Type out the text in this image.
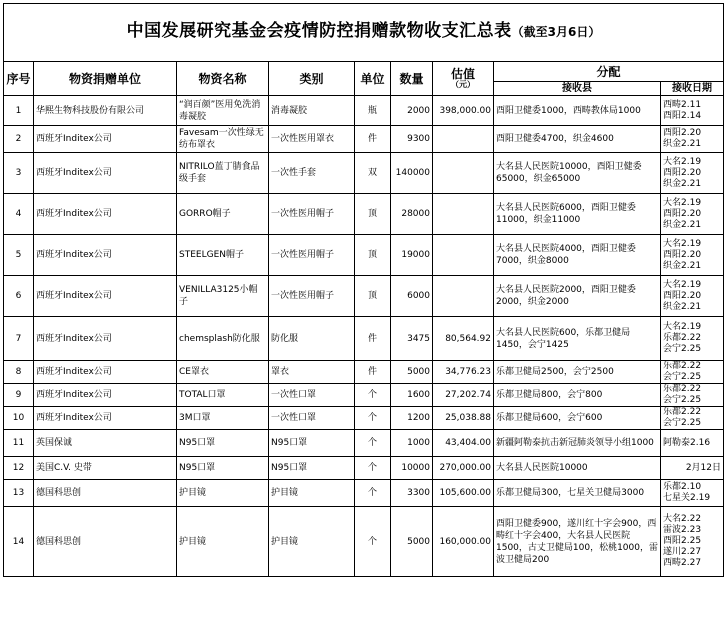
中国发展研究基金会疫情防控捐赠款物收支汇总表（截至3月6日）								
序号	物资捐赠单位	物资名称	类别	单位	数量	估值
（元）	分配	
							接收县	接收日期
1	华熙生物科技股份有限公司	“润百颜”医用免洗消毒凝胶	消毒凝胶	瓶	2000	398,000.00	酉阳卫健委1000，西畴教体局1000	西畴2.11
酉阳2.14

2	西班牙Inditex公司	Favesam一次性绿无纺布罩衣	一次性医用罩衣	件	9300		酉阳卫健委4700，织金4600	酉阳2.20
织金2.21

3	西班牙Inditex公司	NITRILO蓝丁腈食品级手套	一次性手套	双	140000		大名县人民医院10000，酉阳卫健委65000，织金65000	大名2.19
酉阳2.20
织金2.21

4	西班牙Inditex公司	GORRO帽子	一次性医用帽子	顶	28000		大名县人民医院6000，酉阳卫健委11000，织金11000	大名2.19
酉阳2.20
织金2.21

5	西班牙Inditex公司	STEELGEN帽子	一次性医用帽子	顶	19000		大名县人民医院4000，酉阳卫健委7000，织金8000	大名2.19
酉阳2.20
织金2.21

6	西班牙Inditex公司	VENILLA3125小帽子	一次性医用帽子	顶	6000		大名县人民医院2000，酉阳卫健委2000，织金2000	大名2.19
酉阳2.20
织金2.21

7	西班牙Inditex公司	chemsplash防化服	防化服	件	3475	80,564.92	大名县人民医院600，乐都卫健局1450，会宁1425	大名2.19
乐都2.22
会宁2.25

8	西班牙Inditex公司	CE罩衣	罩衣	件	5000	34,776.23	乐都卫健局2500，会宁2500	乐都2.22
会宁2.25

9	西班牙Inditex公司	TOTAL口罩	一次性口罩	个	1600	27,202.74	乐都卫健局800，会宁800	乐都2.22
会宁2.25

10	西班牙Inditex公司	3M口罩	一次性口罩	个	1200	25,038.88	乐都卫健局600，会宁600	乐都2.22
会宁2.25

11	英国保诚	N95口罩	N95口罩	个	1000	43,404.00	新疆阿勒泰抗击新冠肺炎领导小组1000	阿勒泰2.16

12	美国C.V. 史带	N95口罩	N95口罩	个	10000	270,000.00	大名县人民医院10000	2月12日

13	德国科思创	护目镜	护目镜	个	3300	105,600.00	乐都卫健局300，七星关卫健局3000	乐都2.10
七星关2.19

14	德国科思创	护目镜	护目镜	个	5000	160,000.00	酉阳卫健委900，遂川红十字会900，西畴红十字会400，大名县人民医院1500，古丈卫健局100，松桃1000，雷波卫健局200	大名2.22
雷波2.23
酉阳2.25
遂川2.27
西畴2.27
